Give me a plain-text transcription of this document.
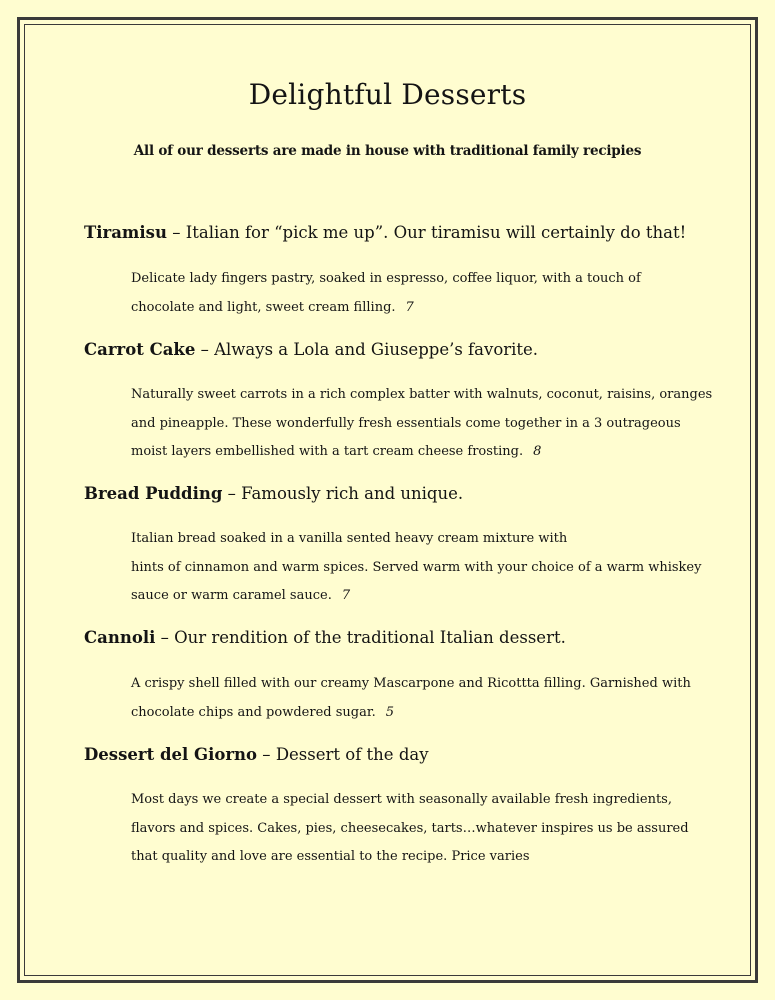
Delightful Desserts
All of our desserts are made in house with traditional family recipies
Tiramisu – Italian for “pick me up”. Our tiramisu will certainly do that!
Delicate lady fingers pastry, soaked in espresso, coffee liquor, with a touch of
chocolate and light, sweet cream filling. 7
Carrot Cake – Always a Lola and Giuseppe’s favorite.
Naturally sweet carrots in a rich complex batter with walnuts, coconut, raisins, oranges
and pineapple. These wonderfully fresh essentials come together in a 3 outrageous
moist layers embellished with a tart cream cheese frosting. 8
Bread Pudding – Famously rich and unique.
Italian bread soaked in a vanilla sented heavy cream mixture with
hints of cinnamon and warm spices. Served warm with your choice of a warm whiskey
sauce or warm caramel sauce. 7
Cannoli – Our rendition of the traditional Italian dessert.
A crispy shell filled with our creamy Mascarpone and Ricottta filling. Garnished with
chocolate chips and powdered sugar. 5
Dessert del Giorno – Dessert of the day
Most days we create a special dessert with seasonally available fresh ingredients,
flavors and spices. Cakes, pies, cheesecakes, tarts…whatever inspires us be assured
that quality and love are essential to the recipe. Price varies
